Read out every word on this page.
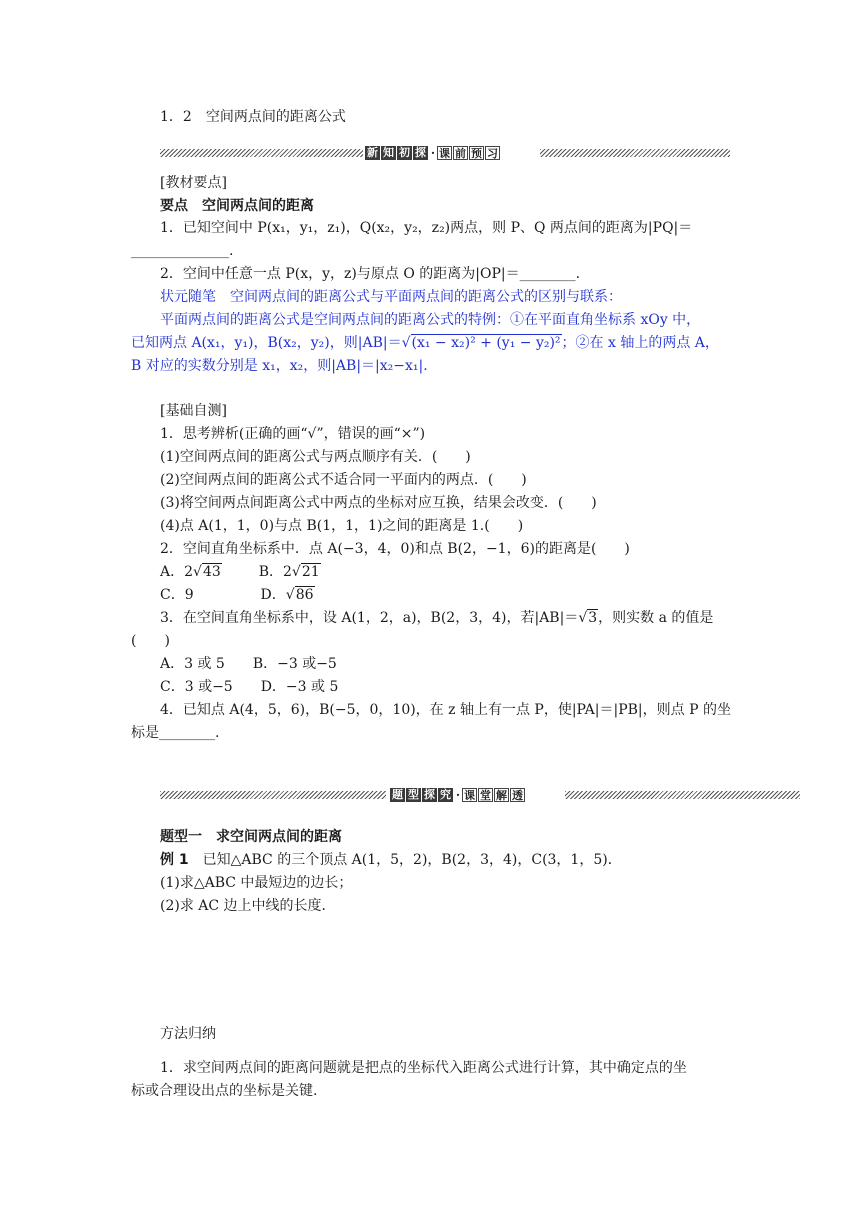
1．2　空间两点间的距离公式
新 知 初 探 · 课 前 预 习
[教材要点]
要点　空间两点间的距离
1．已知空间中 P(x₁，y₁，z₁)，Q(x₂，y₂，z₂)两点，则 P、Q 两点间的距离为|PQ|＝
______________.
2．空间中任意一点 P(x，y，z)与原点 O 的距离为|OP|＝________.
状元随笔　空间两点间的距离公式与平面两点间的距离公式的区别与联系：
平面两点间的距离公式是空间两点间的距离公式的特例：①在平面直角坐标系 xOy 中，
已知两点 A(x₁，y₁)，B(x₂，y₂)，则|AB|＝√(x₁ − x₂)² + (y₁ − y₂)²；②在 x 轴上的两点 A，
B 对应的实数分别是 x₁，x₂，则|AB|＝|x₂−x₁|.
[基础自测]
1．思考辨析(正确的画“√”，错误的画“×”)
(1)空间两点间的距离公式与两点顺序有关．(　　)
(2)空间两点间的距离公式不适合同一平面内的两点．(　　)
(3)将空间两点间距离公式中两点的坐标对应互换，结果会改变．(　　)
(4)点 A(1，1，0)与点 B(1，1，1)之间的距离是 1.(　　)
2．空间直角坐标系中．点 A(−3，4，0)和点 B(2，−1，6)的距离是(　　)
A．2√43	B．2√21
C．9	D．√86
3．在空间直角坐标系中，设 A(1，2，a)，B(2，3，4)，若|AB|＝√3，则实数 a 的值是
(　　)
A．3 或 5　　B．−3 或−5
C．3 或−5　　D．−3 或 5
4．已知点 A(4，5，6)，B(−5，0，10)，在 z 轴上有一点 P，使|PA|＝|PB|，则点 P 的坐
标是________.
题 型 探 究 · 课 堂 解 透
题型一　求空间两点间的距离
例 1　已知△ABC 的三个顶点 A(1，5，2)，B(2，3，4)，C(3，1，5)．
(1)求△ABC 中最短边的边长；
(2)求 AC 边上中线的长度．
方法归纳
1．求空间两点间的距离问题就是把点的坐标代入距离公式进行计算，其中确定点的坐
标或合理设出点的坐标是关键.
